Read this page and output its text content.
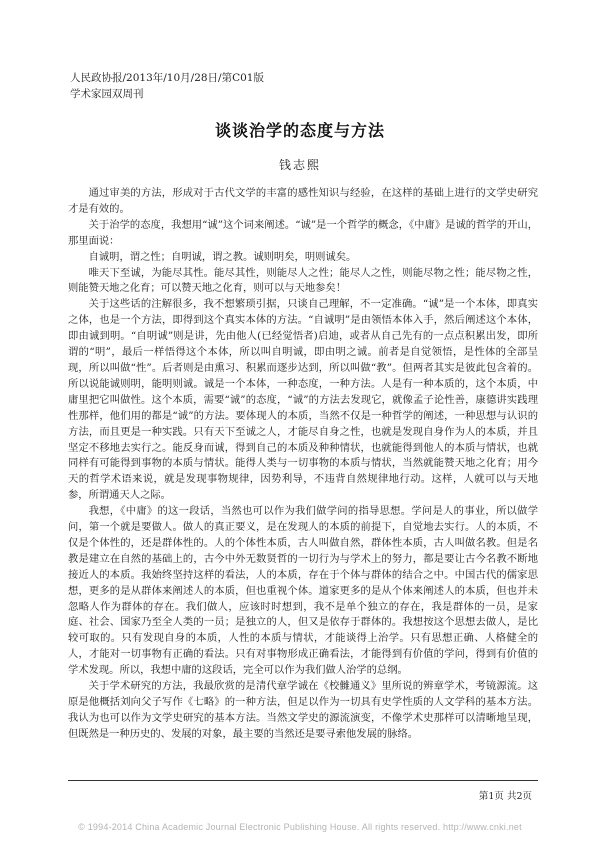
人民政协报/2013年/10月/28日/第C01版
学术家园双周刊
谈谈治学的态度与方法
钱志熙

通过审美的方法，形成对于古代文学的丰富的感性知识与经验，在这样的基础上进行的文学史研究才是有效的。

关于治学的态度，我想用“诚”这个词来阐述。“诚”是一个哲学的概念，《中庸》是诚的哲学的开山，那里面说：

自诚明，谓之性；自明诚，谓之教。诚则明矣，明则诚矣。

唯天下至诚，为能尽其性。能尽其性，则能尽人之性；能尽人之性，则能尽物之性；能尽物之性，则能赞天地之化育；可以赞天地之化育，则可以与天地参矣！

关于这些话的注解很多，我不想繁琐引据，只谈自己理解，不一定准确。“诚”是一个本体，即真实之体，也是一个方法，即得到这个真实本体的方法。“自诚明”是由领悟本体入手，然后阐述这个本体，即由诚到明。“自明诚”则是讲，先由他人(已经觉悟者)启迪，或者从自己先有的一点点积累出发，即所谓的“明”，最后一样悟得这个本体，所以叫自明诚，即由明之诚。前者是自觉领悟，是性体的全部呈现，所以叫做“性”。后者则是由熏习、积累而逐步达到，所以叫做“教”。但两者其实是彼此包含着的。所以说能诚则明，能明则诚。诚是一个本体，一种态度，一种方法。人是有一种本质的，这个本质，中庸里把它叫做性。这个本质，需要“诚”的态度，“诚”的方法去发现它，就像孟子论性善，康德讲实践理性那样，他们用的都是“诚”的方法。要体现人的本质，当然不仅是一种哲学的阐述，一种思想与认识的方法，而且更是一种实践。只有天下至诚之人，才能尽自身之性，也就是发现自身作为人的本质，并且坚定不移地去实行之。能反身而诚，得到自己的本质及种种情状，也就能得到他人的本质与情状，也就同样有可能得到事物的本质与情状。能得人类与一切事物的本质与情状，当然就能赞天地之化育；用今天的哲学术语来说，就是发现事物规律，因势利导，不违背自然规律地行动。这样，人就可以与天地参，所谓通天人之际。

我想，《中庸》的这一段话，当然也可以作为我们做学问的指导思想。学问是人的事业，所以做学问，第一个就是要做人。做人的真正要义，是在发现人的本质的前提下，自觉地去实行。人的本质，不仅是个体性的，还是群体性的。人的个体性本质，古人叫做自然，群体性本质，古人叫做名教。但是名教是建立在自然的基础上的，古今中外无数贤哲的一切行为与学术上的努力，都是要让古今名教不断地接近人的本质。我始终坚持这样的看法，人的本质，存在于个体与群体的结合之中。中国古代的儒家思想，更多的是从群体来阐述人的本质，但也重视个体。道家更多的是从个体来阐述人的本质，但也并未忽略人作为群体的存在。我们做人，应该时时想到，我不是单个独立的存在，我是群体的一员，是家庭、社会、国家乃至全人类的一员；是独立的人，但又是依存于群体的。我想按这个思想去做人，是比较可取的。只有发现自身的本质，人性的本质与情状，才能谈得上治学。只有思想正确、人格健全的人，才能对一切事物有正确的看法。只有对事物形成正确看法，才能得到有价值的学问，得到有价值的学术发现。所以，我想中庸的这段话，完全可以作为我们做人治学的总纲。

关于学术研究的方法，我最欣赏的是清代章学诚在《校雠通义》里所说的辨章学术，考镜源流。这原是他概括刘向父子写作《七略》的一种方法，但足以作为一切具有史学性质的人文学科的基本方法。我认为也可以作为文学史研究的基本方法。当然文学史的源流演变，不像学术史那样可以清晰地呈现，但既然是一种历史的、发展的对象，最主要的当然还是要寻索他发展的脉络。

第1页 共2页
© 1994-2014 China Academic Journal Electronic Publishing House. All rights reserved. http://www.cnki.net
